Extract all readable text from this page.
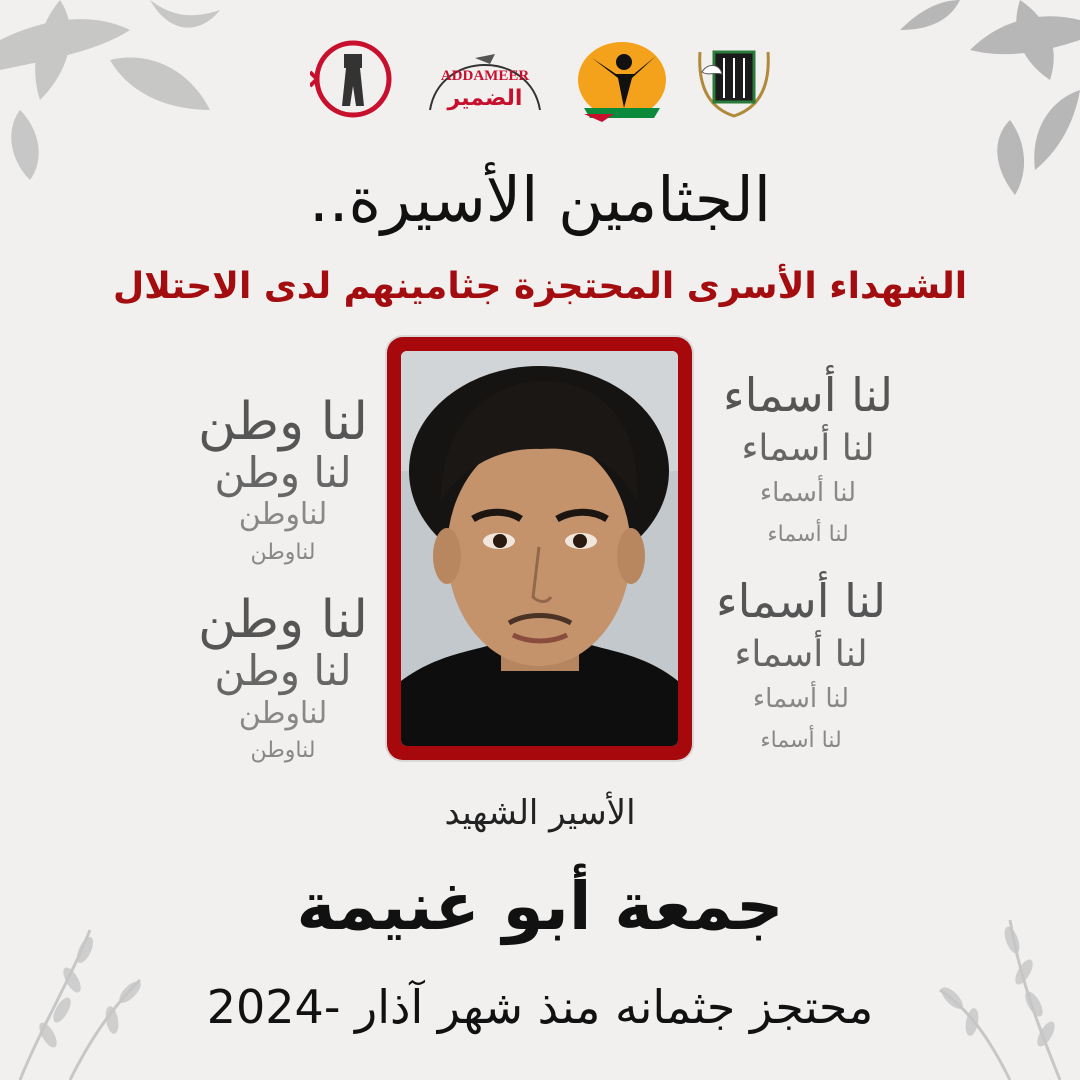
ADDAMEER
الضمير
الجثامين الأسيرة..
الشهداء الأسرى المحتجزة جثامينهم لدى الاحتلال
لنا وطن
لنا وطن
لناوطن
لناوطن
لنا وطن
لنا وطن
لناوطن
لناوطن
لنا أسماء
لنا أسماء
لنا أسماء
لنا أسماء
لنا أسماء
لنا أسماء
لنا أسماء
لنا أسماء
الأسير الشهيد
جمعة أبو غنيمة
محتجز جثمانه منذ شهر آذار -2024
